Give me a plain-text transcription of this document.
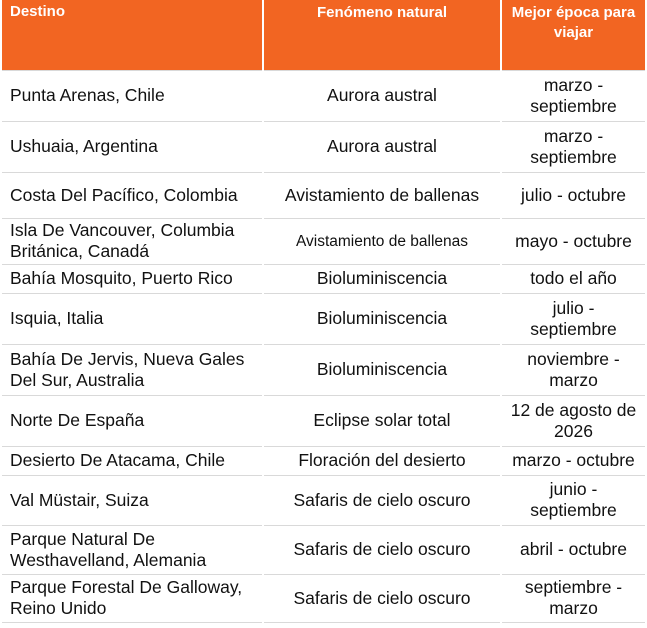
Destino	Fenómeno natural	Mejor época para viajar
Punta Arenas, Chile	Aurora austral	marzo - septiembre
Ushuaia, Argentina	Aurora austral	marzo - septiembre
Costa Del Pacífico, Colombia	Avistamiento de ballenas	julio - octubre
Isla De Vancouver, Columbia Británica, Canadá	Avistamiento de ballenas	mayo - octubre
Bahía Mosquito, Puerto Rico	Bioluminiscencia	todo el año
Isquia, Italia	Bioluminiscencia	julio - septiembre
Bahía De Jervis, Nueva Gales Del Sur, Australia	Bioluminiscencia	noviembre - marzo
Norte De España	Eclipse solar total	12 de agosto de 2026
Desierto De Atacama, Chile	Floración del desierto	marzo - octubre
Val Müstair, Suiza	Safaris de cielo oscuro	junio - septiembre
Parque Natural De Westhavelland, Alemania	Safaris de cielo oscuro	abril - octubre
Parque Forestal De Galloway, Reino Unido	Safaris de cielo oscuro	septiembre - marzo
